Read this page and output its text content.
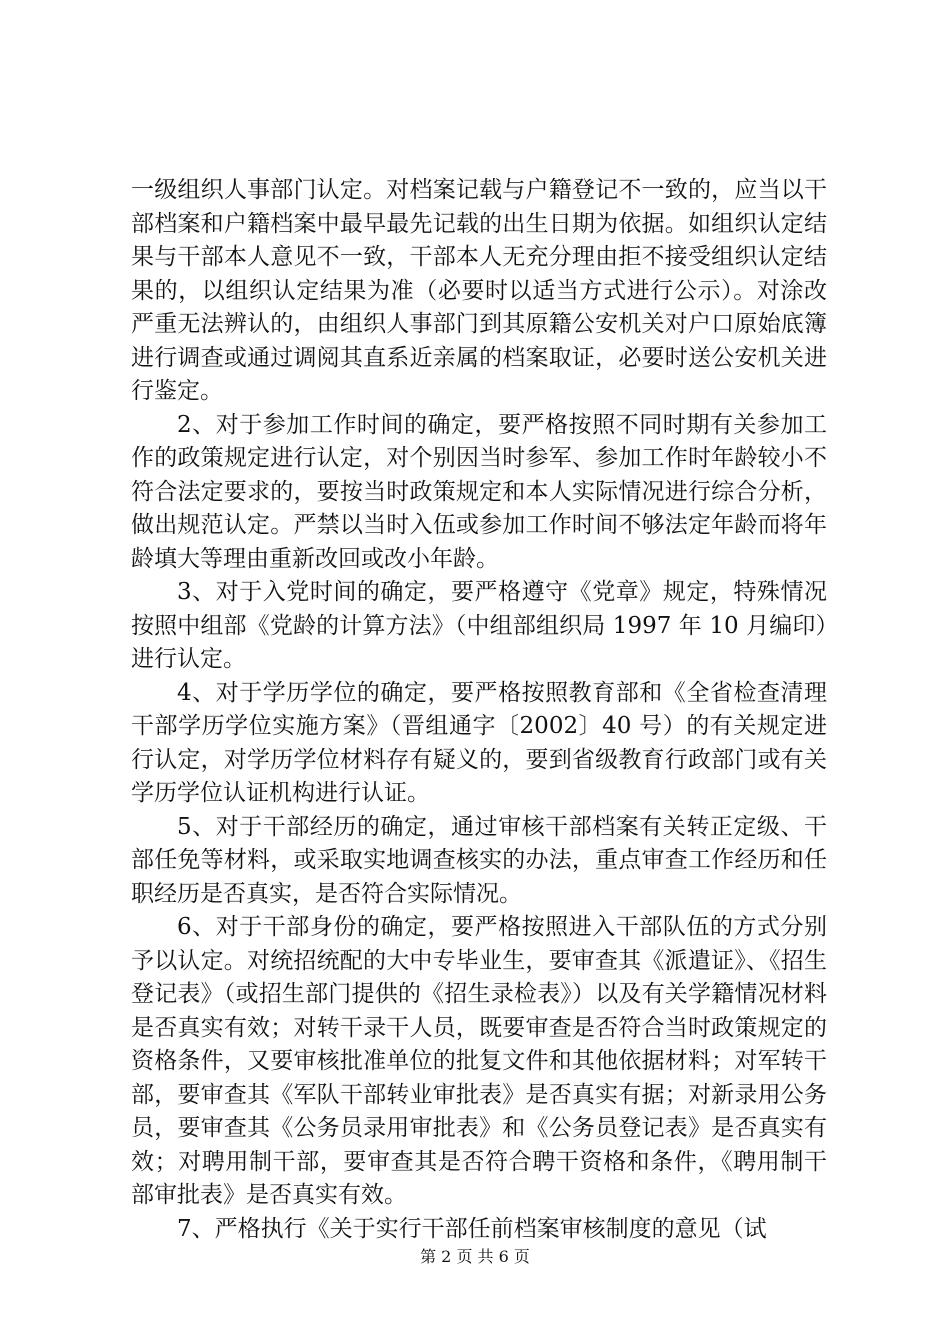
一级组织人事部门认定。对档案记载与户籍登记不一致的，应当以干部档案和户籍档案中最早最先记载的出生日期为依据。如组织认定结果与干部本人意见不一致，干部本人无充分理由拒不接受组织认定结果的，以组织认定结果为准（必要时以适当方式进行公示）。对涂改严重无法辨认的，由组织人事部门到其原籍公安机关对户口原始底簿进行调查或通过调阅其直系近亲属的档案取证，必要时送公安机关进行鉴定。

2、对于参加工作时间的确定，要严格按照不同时期有关参加工作的政策规定进行认定，对个别因当时参军、参加工作时年龄较小不符合法定要求的，要按当时政策规定和本人实际情况进行综合分析，做出规范认定。严禁以当时入伍或参加工作时间不够法定年龄而将年龄填大等理由重新改回或改小年龄。

3、对于入党时间的确定，要严格遵守《党章》规定，特殊情况按照中组部《党龄的计算方法》（中组部组织局 1997 年 10 月编印）进行认定。

4、对于学历学位的确定，要严格按照教育部和《全省检查清理干部学历学位实施方案》（晋组通字〔2002〕40 号）的有关规定进行认定，对学历学位材料存有疑义的，要到省级教育行政部门或有关学历学位认证机构进行认证。

5、对于干部经历的确定，通过审核干部档案有关转正定级、干部任免等材料，或采取实地调查核实的办法，重点审查工作经历和任职经历是否真实，是否符合实际情况。

6、对于干部身份的确定，要严格按照进入干部队伍的方式分别予以认定。对统招统配的大中专毕业生，要审查其《派遣证》、《招生登记表》（或招生部门提供的《招生录检表》）以及有关学籍情况材料是否真实有效；对转干录干人员，既要审查是否符合当时政策规定的资格条件，又要审核批准单位的批复文件和其他依据材料；对军转干部，要审查其《军队干部转业审批表》是否真实有据；对新录用公务员，要审查其《公务员录用审批表》和《公务员登记表》是否真实有效；对聘用制干部，要审查其是否符合聘干资格和条件，《聘用制干部审批表》是否真实有效。

7、严格执行《关于实行干部任前档案审核制度的意见（试

第 2 页 共 6 页
